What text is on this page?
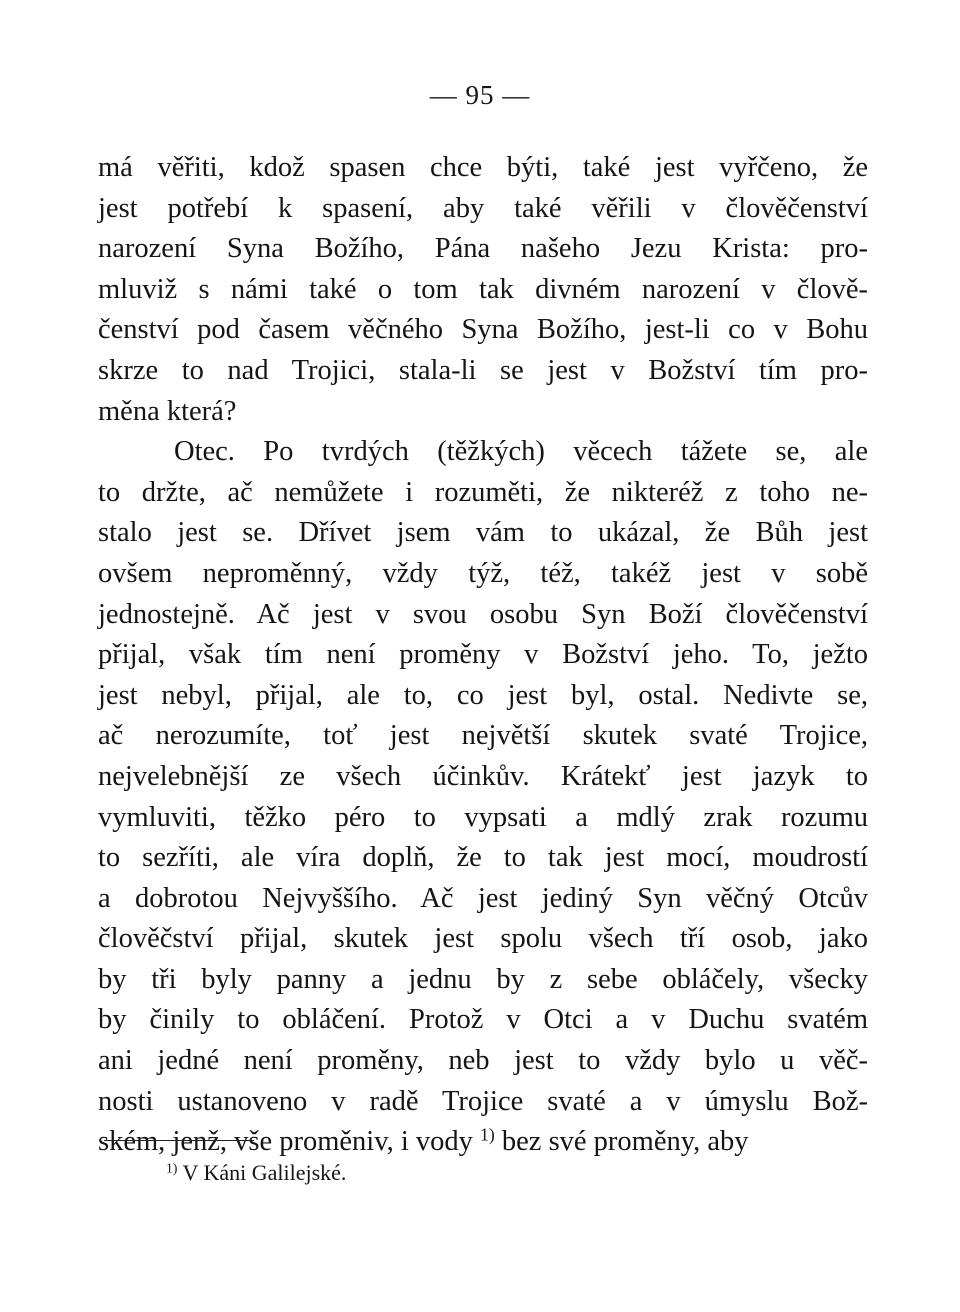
— 95 —
má věřiti, kdož spasen chce býti, také jest vyřčeno, že
jest potřebí k spasení, aby také věřili v člověčenství
narození Syna Božího, Pána našeho Jezu Krista: pro-
mluviž s námi také o tom tak divném narození v člově-
čenství pod časem věčného Syna Božího, jest-li co v Bohu
skrze to nad Trojici, stala-li se jest v Božství tím pro-
měna která?
Otec. Po tvrdých (těžkých) věcech tážete se, ale
to držte, ač nemůžete i rozuměti, že nikteréž z toho ne-
stalo jest se. Dřívet jsem vám to ukázal, že Bůh jest
ovšem neproměnný, vždy týž, též, takéž jest v sobě
jednostejně. Ač jest v svou osobu Syn Boží člověčenství
přijal, však tím není proměny v Božství jeho. To, ježto
jest nebyl, přijal, ale to, co jest byl, ostal. Nedivte se,
ač nerozumíte, toť jest největší skutek svaté Trojice,
nejvelebnější ze všech účinkův. Krátekť jest jazyk to
vymluviti, těžko péro to vypsati a mdlý zrak rozumu
to sezříti, ale víra doplň, že to tak jest mocí, moudrostí
a dobrotou Nejvyššího. Ač jest jediný Syn věčný Otcův
člověčství přijal, skutek jest spolu všech tří osob, jako
by tři byly panny a jednu by z sebe obláčely, všecky
by činily to obláčení. Protož v Otci a v Duchu svatém
ani jedné není proměny, neb jest to vždy bylo u věč-
nosti ustanoveno v radě Trojice svaté a v úmyslu Bož-
ském, jenž, vše proměniv, i vody $^{1)}$ bez své proměny, aby
$^{1)}$ V Káni Galilejské.
